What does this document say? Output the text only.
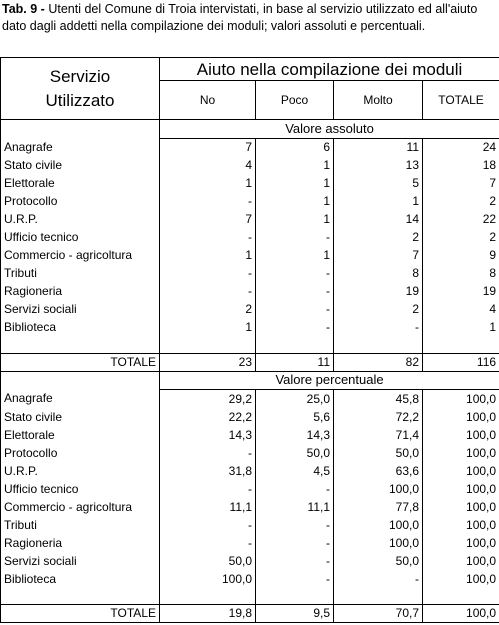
Tab. 9 - Utenti del Comune di Troia intervistati, in base al servizio utilizzato ed all'aiuto dato dagli addetti nella compilazione dei moduli; valori assoluti e percentuali.
Servizio
Utilizzato	Aiuto nella compilazione dei moduli			
	No	Poco	Molto	TOTALE
	Valore assoluto			
Anagrafe	7	6	11	24
Stato civile	4	1	13	18
Elettorale	1	1	5	7
Protocollo	-	1	1	2
U.R.P.	7	1	14	22
Ufficio tecnico	-	-	2	2
Commercio - agricoltura	1	1	7	9
Tributi	-	-	8	8
Ragioneria	-	-	19	19
Servizi sociali	2	-	2	4
Biblioteca	1	-	-	1

TOTALE	23	11	82	116
	Valore percentuale			
Anagrafe	29,2	25,0	45,8	100,0
Stato civile	22,2	5,6	72,2	100,0
Elettorale	14,3	14,3	71,4	100,0
Protocollo	-	50,0	50,0	100,0
U.R.P.	31,8	4,5	63,6	100,0
Ufficio tecnico	-	-	100,0	100,0
Commercio - agricoltura	11,1	11,1	77,8	100,0
Tributi	-	-	100,0	100,0
Ragioneria	-	-	100,0	100,0
Servizi sociali	50,0	-	50,0	100,0
Biblioteca	100,0	-	-	100,0

TOTALE	19,8	9,5	70,7	100,0
